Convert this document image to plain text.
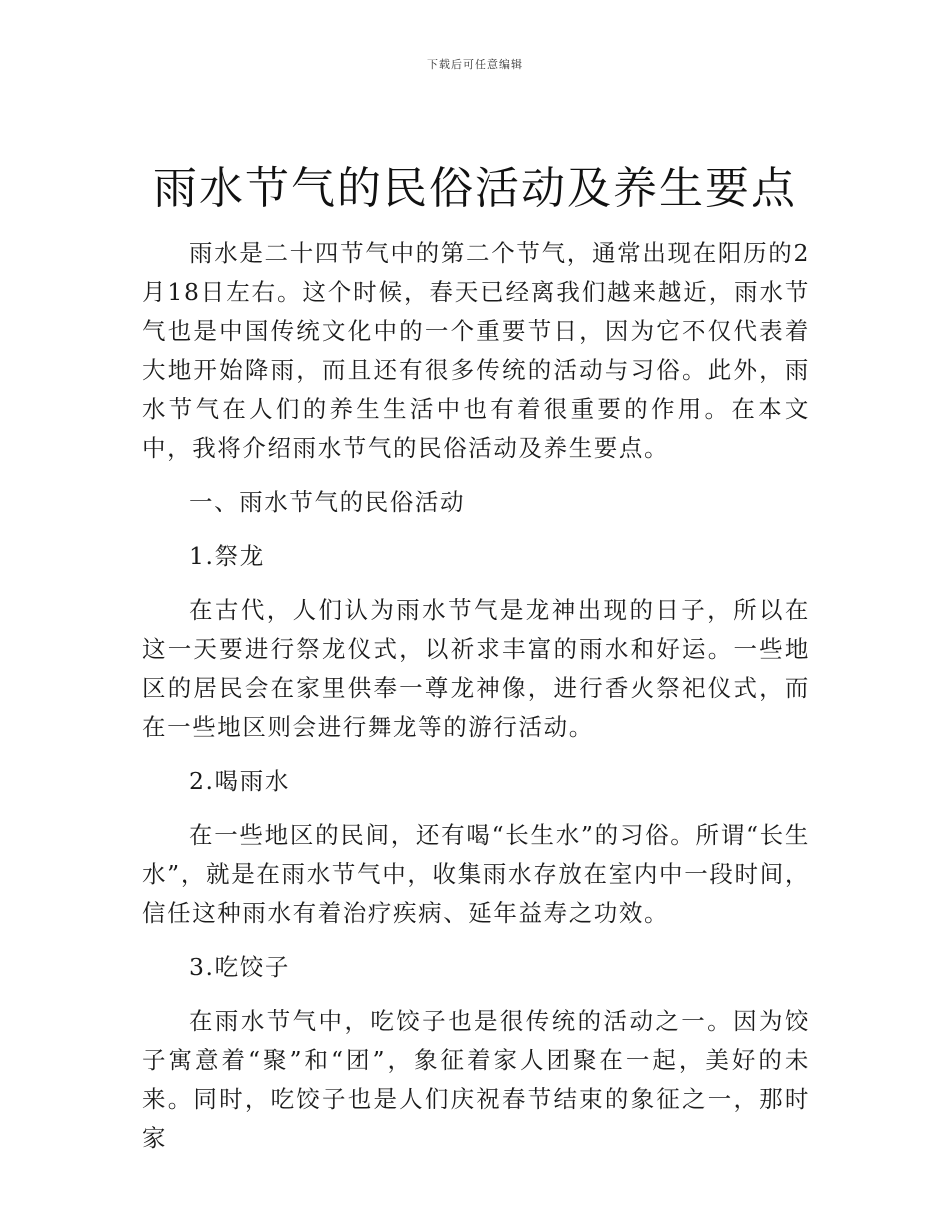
下载后可任意编辑
雨水节气的民俗活动及养生要点

雨水是二十四节气中的第二个节气，通常出现在阳历的2月18日左右。这个时候，春天已经离我们越来越近，雨水节气也是中国传统文化中的一个重要节日，因为它不仅代表着大地开始降雨，而且还有很多传统的活动与习俗。此外，雨水节气在人们的养生生活中也有着很重要的作用。在本文中，我将介绍雨水节气的民俗活动及养生要点。

一、雨水节气的民俗活动

1.祭龙

在古代，人们认为雨水节气是龙神出现的日子，所以在这一天要进行祭龙仪式，以祈求丰富的雨水和好运。一些地区的居民会在家里供奉一尊龙神像，进行香火祭祀仪式，而在一些地区则会进行舞龙等的游行活动。

2.喝雨水

在一些地区的民间，还有喝“长生水”的习俗。所谓“长生水”，就是在雨水节气中，收集雨水存放在室内中一段时间，信任这种雨水有着治疗疾病、延年益寿之功效。

3.吃饺子

在雨水节气中，吃饺子也是很传统的活动之一。因为饺子寓意着“聚”和“团”，象征着家人团聚在一起，美好的未来。同时，吃饺子也是人们庆祝春节结束的象征之一，那时家
